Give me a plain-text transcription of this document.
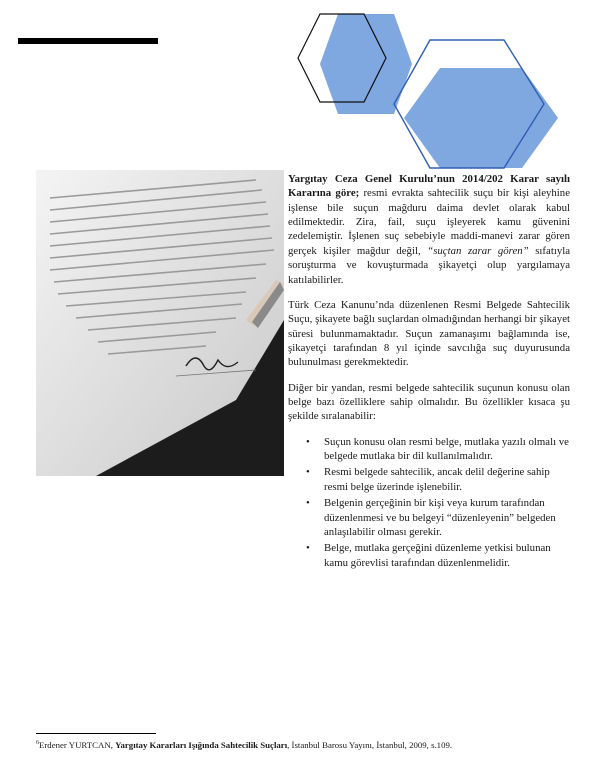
Yargıtay Ceza Genel Kurulu’nun 2014/202 Karar sayılı Kararına göre; resmi evrakta sahtecilik suçu bir kişi aleyhine işlense bile suçun mağduru daima devlet olarak kabul edilmektedir. Zira, fail, suçu işleyerek kamu güvenini zedelemiştir. İşlenen suç sebebiyle maddi-manevi zarar gören gerçek kişiler mağdur değil, “suçtan zarar gören” sıfatıyla soruşturma ve kovuşturmada şikayetçi olup yargılamaya katılabilirler.

Türk Ceza Kanunu’nda düzenlenen Resmi Belgede Sahtecilik Suçu, şikayete bağlı suçlardan olmadığından herhangi bir şikayet süresi bulunmamaktadır. Suçun zamanaşımı bağlamında ise, şikayetçi tarafından 8 yıl içinde savcılığa suç duyurusunda bulunulması gerekmektedir.

Diğer bir yandan, resmi belgede sahtecilik suçunun konusu olan belge bazı özelliklere sahip olmalıdır. Bu özellikler kısaca şu şekilde sıralanabilir:

• Suçun konusu olan resmi belge, mutlaka yazılı olmalı ve belgede mutlaka bir dil kullanılmalıdır.
• Resmi belgede sahtecilik, ancak delil değerine sahip resmi belge üzerinde işlenebilir.
• Belgenin gerçeğinin bir kişi veya kurum tarafından düzenlenmesi ve bu belgeyi “düzenleyenin” belgeden anlaşılabilir olması gerekir.
• Belge, mutlaka gerçeğini düzenleme yetkisi bulunan kamu görevlisi tarafından düzenlenmelidir.
$^6$Erdener YURTCAN, Yargıtay Kararları Işığında Sahtecilik Suçları, İstanbul Barosu Yayını, İstanbul, 2009, s.109.
